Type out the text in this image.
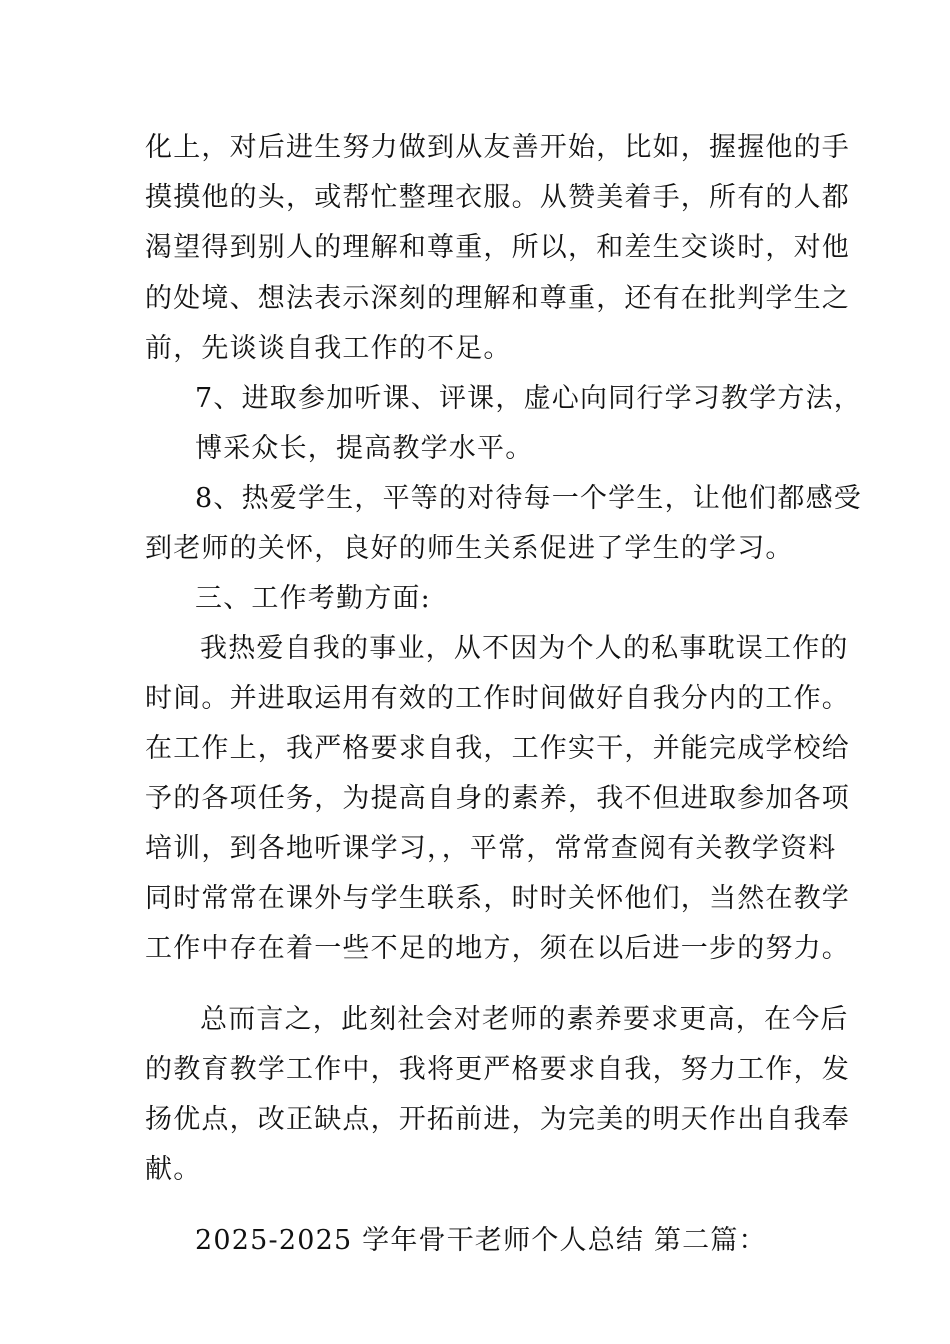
化上，对后进生努力做到从友善开始，比如，握握他的手
摸摸他的头，或帮忙整理衣服。从赞美着手，所有的人都
渴望得到别人的理解和尊重，所以，和差生交谈时，对他
的处境、想法表示深刻的理解和尊重，还有在批判学生之
前，先谈谈自我工作的不足。
7、进取参加听课、评课，虚心向同行学习教学方法，
博采众长，提高教学水平。
8、热爱学生，平等的对待每一个学生，让他们都感受
到老师的关怀，良好的师生关系促进了学生的学习。
三、工作考勤方面:
我热爱自我的事业，从不因为个人的私事耽误工作的
时间。并进取运用有效的工作时间做好自我分内的工作。
在工作上，我严格要求自我，工作实干，并能完成学校给
予的各项任务，为提高自身的素养，我不但进取参加各项
培训，到各地听课学习，，平常，常常查阅有关教学资料
同时常常在课外与学生联系，时时关怀他们，当然在教学
工作中存在着一些不足的地方，须在以后进一步的努力。
总而言之，此刻社会对老师的素养要求更高，在今后
的教育教学工作中，我将更严格要求自我，努力工作，发
扬优点，改正缺点，开拓前进，为完美的明天作出自我奉
献。
2025-2025 学年骨干老师个人总结 第二篇：
